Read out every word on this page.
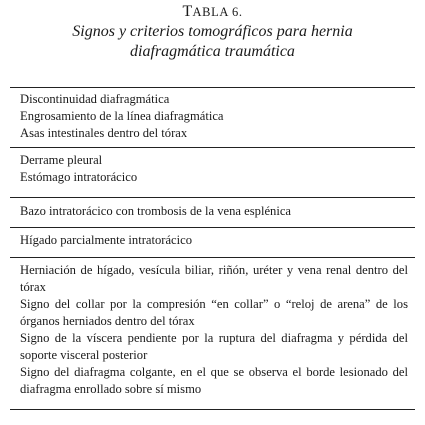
TABLA 6.
Signos y criterios tomográficos para hernia
diafragmática traumática
Discontinuidad diafragmática
Engrosamiento de la línea diafragmática
Asas intestinales dentro del tórax
Derrame pleural
Estómago intratorácico
Bazo intratorácico con trombosis de la vena esplénica
Hígado parcialmente intratorácico
Herniación de hígado, vesícula biliar, riñón, uréter y vena renal dentro del tórax
Signo del collar por la compresión “en collar” o “reloj de arena” de los órganos herniados dentro del tórax
Signo de la víscera pendiente por la ruptura del diafragma y pérdida del soporte visceral posterior
Signo del diafragma colgante, en el que se observa el borde lesionado del diafragma enrollado sobre sí mismo
